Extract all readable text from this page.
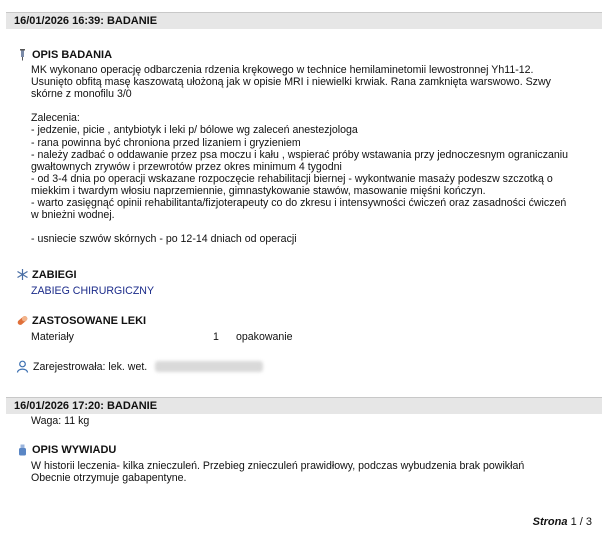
16/01/2026 16:39: BADANIE
OPIS BADANIA
MK wykonano operację odbarczenia rdzenia krękowego w technice hemilaminetomii lewostronnej Yh11-12.
Usunięto obfitą masę kaszowatą ułożoną jak w opisie MRI i niewielki krwiak. Rana zamknięta warswowo. Szwy
skórne z monofilu 3/0

Zalecenia:
- jedzenie, picie , antybiotyk i leki p/ bólowe wg zaleceń anestezjologa
- rana powinna być chroniona przed lizaniem i gryzieniem
- należy zadbać o oddawanie przez psa moczu i kału , wspierać próby wstawania przy jednoczesnym ograniczaniu
gwałtownych zrywów i przewrotów przez okres minimum 4 tygodni
- od 3-4 dnia po operacji wskazane rozpoczęcie rehabilitacji biernej - wykontwanie masaży podeszw szczotką o
miekkim i twardym włosiu naprzemiennie, gimnastykowanie stawów, masowanie mięśni kończyn.
- warto zasięgnąć opinii rehabilitanta/fizjoterapeuty co do zkresu i intensywności ćwiczeń oraz zasadności ćwiczeń
w bnieżni wodnej.

- usniecie szwów skórnych - po 12-14 dniach od operacji
ZABIEGI
ZABIEG CHIRURGICZNY
ZASTOSOWANE LEKI
Materiały	1 opakowanie
Zarejestrowała: lek. wet.
16/01/2026 17:20: BADANIE
Waga: 11 kg
OPIS WYWIADU
W historii leczenia- kilka znieczuleń. Przebieg znieczuleń prawidłowy, podczas wybudzenia brak powikłań
Obecnie otrzymuje gabapentyne.
Strona 1 / 3
